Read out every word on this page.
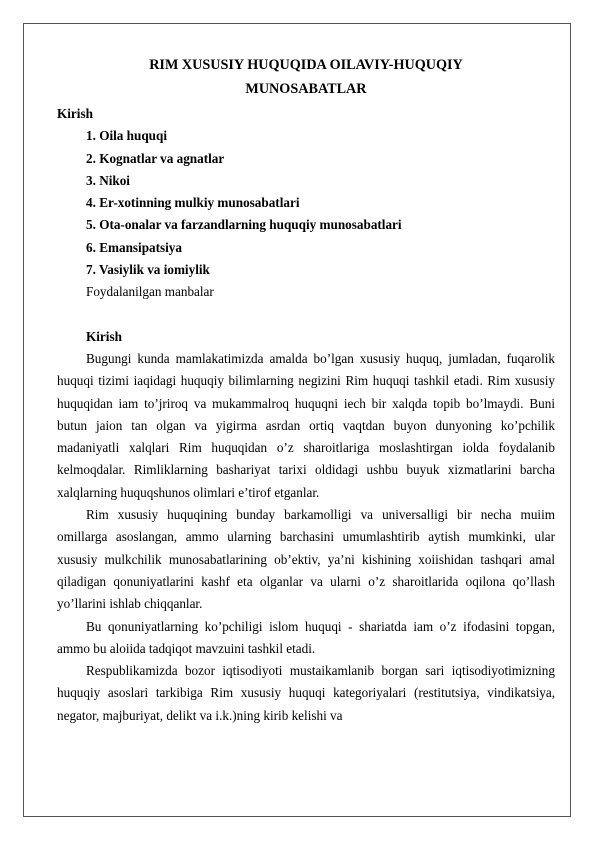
RIM XUSUSIY HUQUQIDA OILAVIY-HUQUQIY
MUNOSABATLAR

Kirish

1. Oila huquqi
2. Kognatlar va agnatlar
3. Nikoi
4. Er-xotinning mulkiy munosabatlari
5. Ota-onalar va farzandlarning huquqiy munosabatlari
6. Emansipatsiya
7. Vasiylik va iomiylik

Foydalanilgan manbalar

Kirish

Bugungi kunda mamlakatimizda amalda bo’lgan xususiy huquq, jumladan, fuqarolik huquqi tizimi iaqidagi huquqiy bilimlarning negizini Rim huquqi tashkil etadi. Rim xususiy huquqidan iam to’jriroq va mukammalroq huquqni iech bir xalqda topib bo’lmaydi. Buni butun jaion tan olgan va yigirma asrdan ortiq vaqtdan buyon dunyoning ko’pchilik madaniyatli xalqlari Rim huquqidan o’z sharoitlariga moslashtirgan iolda foydalanib kelmoqdalar. Rimliklarning bashariyat tarixi oldidagi ushbu buyuk xizmatlarini barcha xalqlarning huquqshunos olimlari e’tirof etganlar.

Rim xususiy huquqining bunday barkamolligi va universalligi bir necha muiim omillarga asoslangan, ammo ularning barchasini umumlashtirib aytish mumkinki, ular xususiy mulkchilik munosabatlarining ob’ektiv, ya’ni kishining xoiishidan tashqari amal qiladigan qonuniyatlarini kashf eta olganlar va ularni o’z sharoitlarida oqilona qo’llash yo’llarini ishlab chiqqanlar.

Bu qonuniyatlarning ko’pchiligi islom huquqi - shariatda iam o’z ifodasini topgan, ammo bu aloiida tadqiqot mavzuini tashkil etadi.

Respublikamizda bozor iqtisodiyoti mustaikamlanib borgan sari iqtisodiyotimizning huquqiy asoslari tarkibiga Rim xususiy huquqi kategoriyalari (restitutsiya, vindikatsiya, negator, majburiyat, delikt va i.k.)ning kirib kelishi va
